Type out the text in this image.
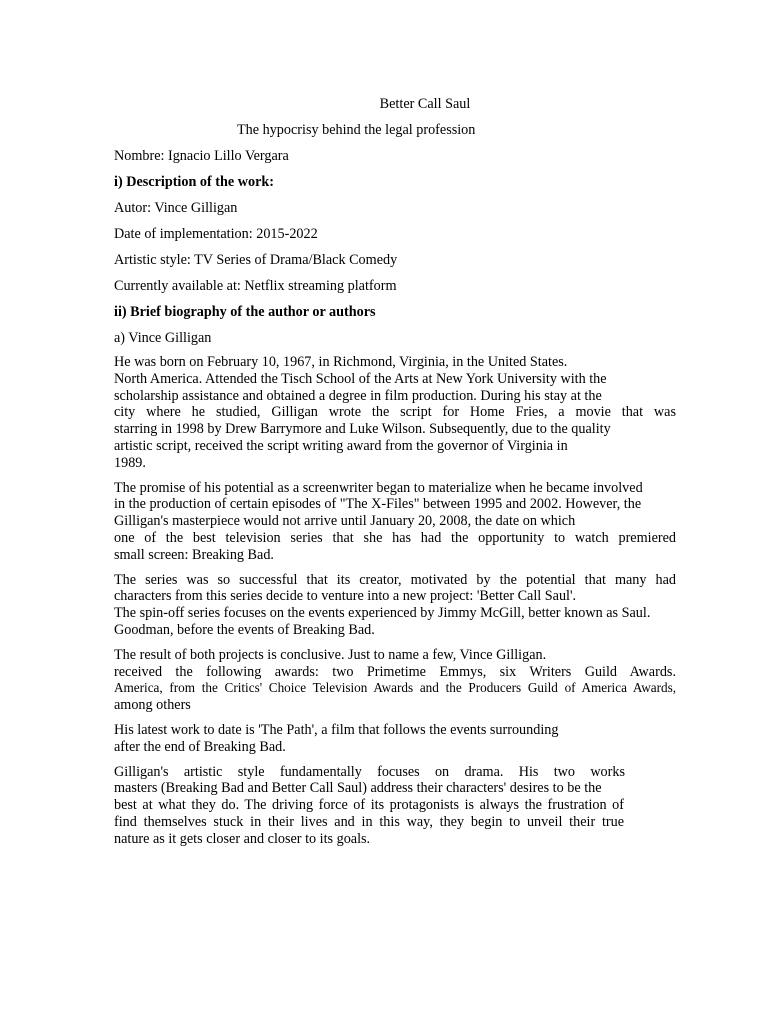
Better Call Saul
The hypocrisy behind the legal profession
Nombre: Ignacio Lillo Vergara
i) Description of the work:
Autor: Vince Gilligan
Date of implementation: 2015-2022
Artistic style: TV Series of Drama/Black Comedy
Currently available at: Netflix streaming platform
ii) Brief biography of the author or authors
a) Vince Gilligan
He was born on February 10, 1967, in Richmond, Virginia, in the United States.
North America. Attended the Tisch School of the Arts at New York University with the
scholarship assistance and obtained a degree in film production. During his stay at the
city where he studied, Gilligan wrote the script for Home Fries, a movie that was
starring in 1998 by Drew Barrymore and Luke Wilson. Subsequently, due to the quality
artistic script, received the script writing award from the governor of Virginia in
1989.
The promise of his potential as a screenwriter began to materialize when he became involved
in the production of certain episodes of "The X-Files" between 1995 and 2002. However, the
Gilligan's masterpiece would not arrive until January 20, 2008, the date on which
one of the best television series that she has had the opportunity to watch premiered
small screen: Breaking Bad.
The series was so successful that its creator, motivated by the potential that many had
characters from this series decide to venture into a new project: 'Better Call Saul'.
The spin-off series focuses on the events experienced by Jimmy McGill, better known as Saul.
Goodman, before the events of Breaking Bad.
The result of both projects is conclusive. Just to name a few, Vince Gilligan.
received the following awards: two Primetime Emmys, six Writers Guild Awards.
America, from the Critics' Choice Television Awards and the Producers Guild of America Awards,
among others
His latest work to date is 'The Path', a film that follows the events surrounding
after the end of Breaking Bad.
Gilligan's artistic style fundamentally focuses on drama. His two works
masters (Breaking Bad and Better Call Saul) address their characters' desires to be the
best at what they do. The driving force of its protagonists is always the frustration of
find themselves stuck in their lives and in this way, they begin to unveil their true
nature as it gets closer and closer to its goals.
